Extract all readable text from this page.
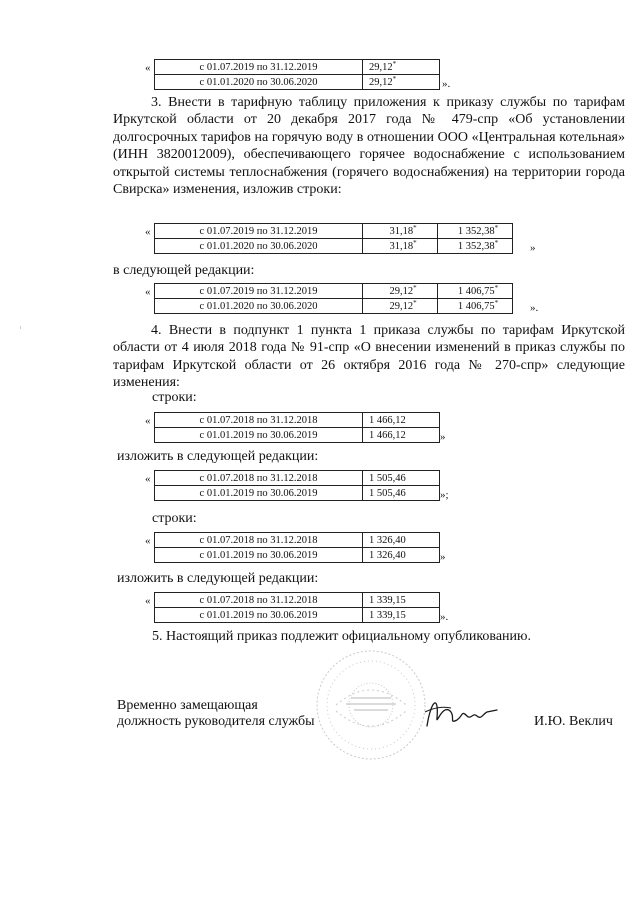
«	с 01.07.2019 по 31.12.2019	29,12*
с 01.01.2020 по 30.06.2020	29,12*	».

3. Внести в тарифную таблицу приложения к приказу службы по тарифам Иркутской области от 20 декабря 2017 года № 479-спр «Об установлении долгосрочных тарифов на горячую воду в отношении ООО «Центральная котельная» (ИНН 3820012009), обеспечивающего горячее водоснабжение с использованием открытой системы теплоснабжения (горячего водоснабжения) на территории города Свирска» изменения, изложив строки:

«	с 01.07.2019 по 31.12.2019	31,18*	1 352,38*
с 01.01.2020 по 30.06.2020	31,18*	1 352,38*	»
в следующей редакции:
«	с 01.07.2019 по 31.12.2019	29,12*	1 406,75*
с 01.01.2020 по 30.06.2020	29,12*	1 406,75*	».

4. Внести в подпункт 1 пункта 1 приказа службы по тарифам Иркутской области от 4 июля 2018 года № 91-спр «О внесении изменений в приказ службы по тарифам Иркутской области от 26 октября 2016 года № 270-спр» следующие изменения:

строки:
«	с 01.07.2018 по 31.12.2018	1 466,12
с 01.01.2019 по 30.06.2019	1 466,12	»
изложить в следующей редакции:
«	с 01.07.2018 по 31.12.2018	1 505,46
с 01.01.2019 по 30.06.2019	1 505,46	»;
строки:
«	с 01.07.2018 по 31.12.2018	1 326,40
с 01.01.2019 по 30.06.2019	1 326,40	»
изложить в следующей редакции:
«	с 01.07.2018 по 31.12.2018	1 339,15
с 01.01.2019 по 30.06.2019	1 339,15	».
5. Настоящий приказ подлежит официальному опубликованию.
Временно замещающая
должность руководителя службы	И.Ю. Веклич
